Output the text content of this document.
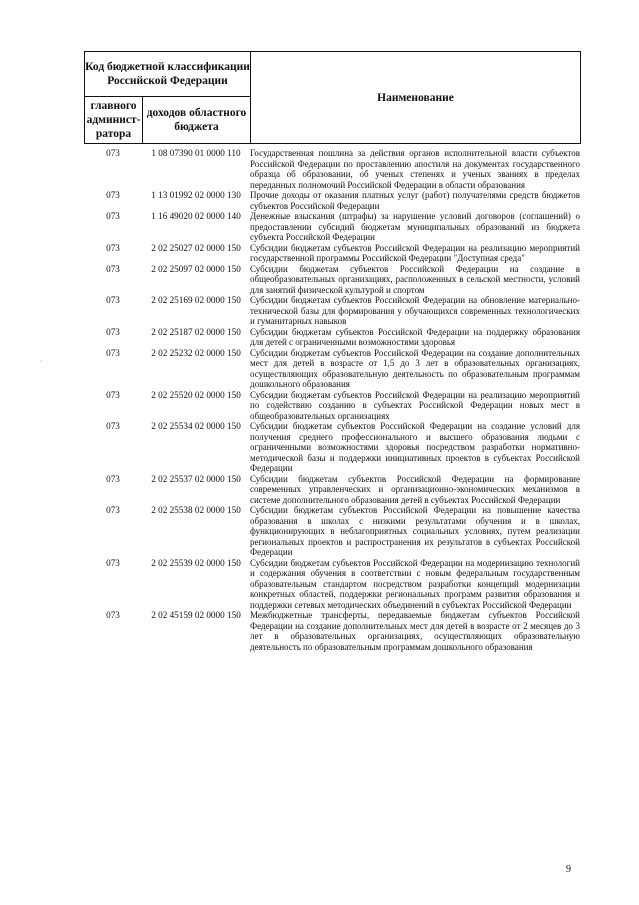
Код бюджетной классификации Российской Федерации		Наименование
главного админист-ратора	доходов областного бюджета	
073	1 08 07390 01 0000 110	Государственная пошлина за действия органов исполнительной власти субъектов Российской Федерации по проставлению апостиля на документах государственного образца об образовании, об ученых степенях и ученых званиях в пределах переданных полномочий Российской Федерации в области образования
073	1 13 01992 02 0000 130	Прочие доходы от оказания платных услуг (работ) получателями средств бюджетов субъектов Российской Федерации
073	1 16 49020 02 0000 140	Денежные взыскания (штрафы) за нарушение условий договоров (соглашений) о предоставлении субсидий бюджетам муниципальных образований из бюджета субъекта Российской Федерации
073	2 02 25027 02 0000 150	Субсидии бюджетам субъектов Российской Федерации на реализацию мероприятий государственной программы Российской Федерации "Доступная среда"
073	2 02 25097 02 0000 150	Субсидии бюджетам субъектов Российской Федерации на создание в общеобразовательных организациях, расположенных в сельской местности, условий для занятий физической культурой и спортом
073	2 02 25169 02 0000 150	Субсидии бюджетам субъектов Российской Федерации на обновление материально-технической базы для формирования у обучающихся современных технологических и гуманитарных навыков
073	2 02 25187 02 0000 150	Субсидии бюджетам субъектов Российской Федерации на поддержку образования для детей с ограниченными возможностями здоровья
073	2 02 25232 02 0000 150	Субсидии бюджетам субъектов Российской Федерации на создание дополнительных мест для детей в возрасте от 1,5 до 3 лет в образовательных организациях, осуществляющих образовательную деятельность по образовательным программам дошкольного образования
073	2 02 25520 02 0000 150	Субсидии бюджетам субъектов Российской Федерации на реализацию мероприятий по содействию созданию в субъектах Российской Федерации новых мест в общеобразовательных организациях
073	2 02 25534 02 0000 150	Субсидии бюджетам субъектов Российской Федерации на создание условий для получения среднего профессионального и высшего образования людьми с ограниченными возможностями здоровья посредством разработки нормативно-методической базы и поддержки инициативных проектов в субъектах Российской Федерации
073	2 02 25537 02 0000 150	Субсидии бюджетам субъектов Российской Федерации на формирование современных управленческих и организационно-экономических механизмов в системе дополнительного образования детей в субъектах Российской Федерации
073	2 02 25538 02 0000 150	Субсидии бюджетам субъектов Российской Федерации на повышение качества образования в школах с низкими результатами обучения и в школах, функционирующих в неблагоприятных социальных условиях, путем реализации региональных проектов и распространения их результатов в субъектах Российской Федерации
073	2 02 25539 02 0000 150	Субсидии бюджетам субъектов Российской Федерации на модернизацию технологий и содержания обучения в соответствии с новым федеральным государственным образовательным стандартом посредством разработки концепций модернизации конкретных областей, поддержки региональных программ развития образования и поддержки сетевых методических объединений в субъектах Российской Федерации
073	2 02 45159 02 0000 150	Межбюджетные трансферты, передаваемые бюджетам субъектов Российской Федерации на создание дополнительных мест для детей в возрасте от 2 месяцев до 3 лет в образовательных организациях, осуществляющих образовательную деятельность по образовательным программам дошкольного образования
·
9
